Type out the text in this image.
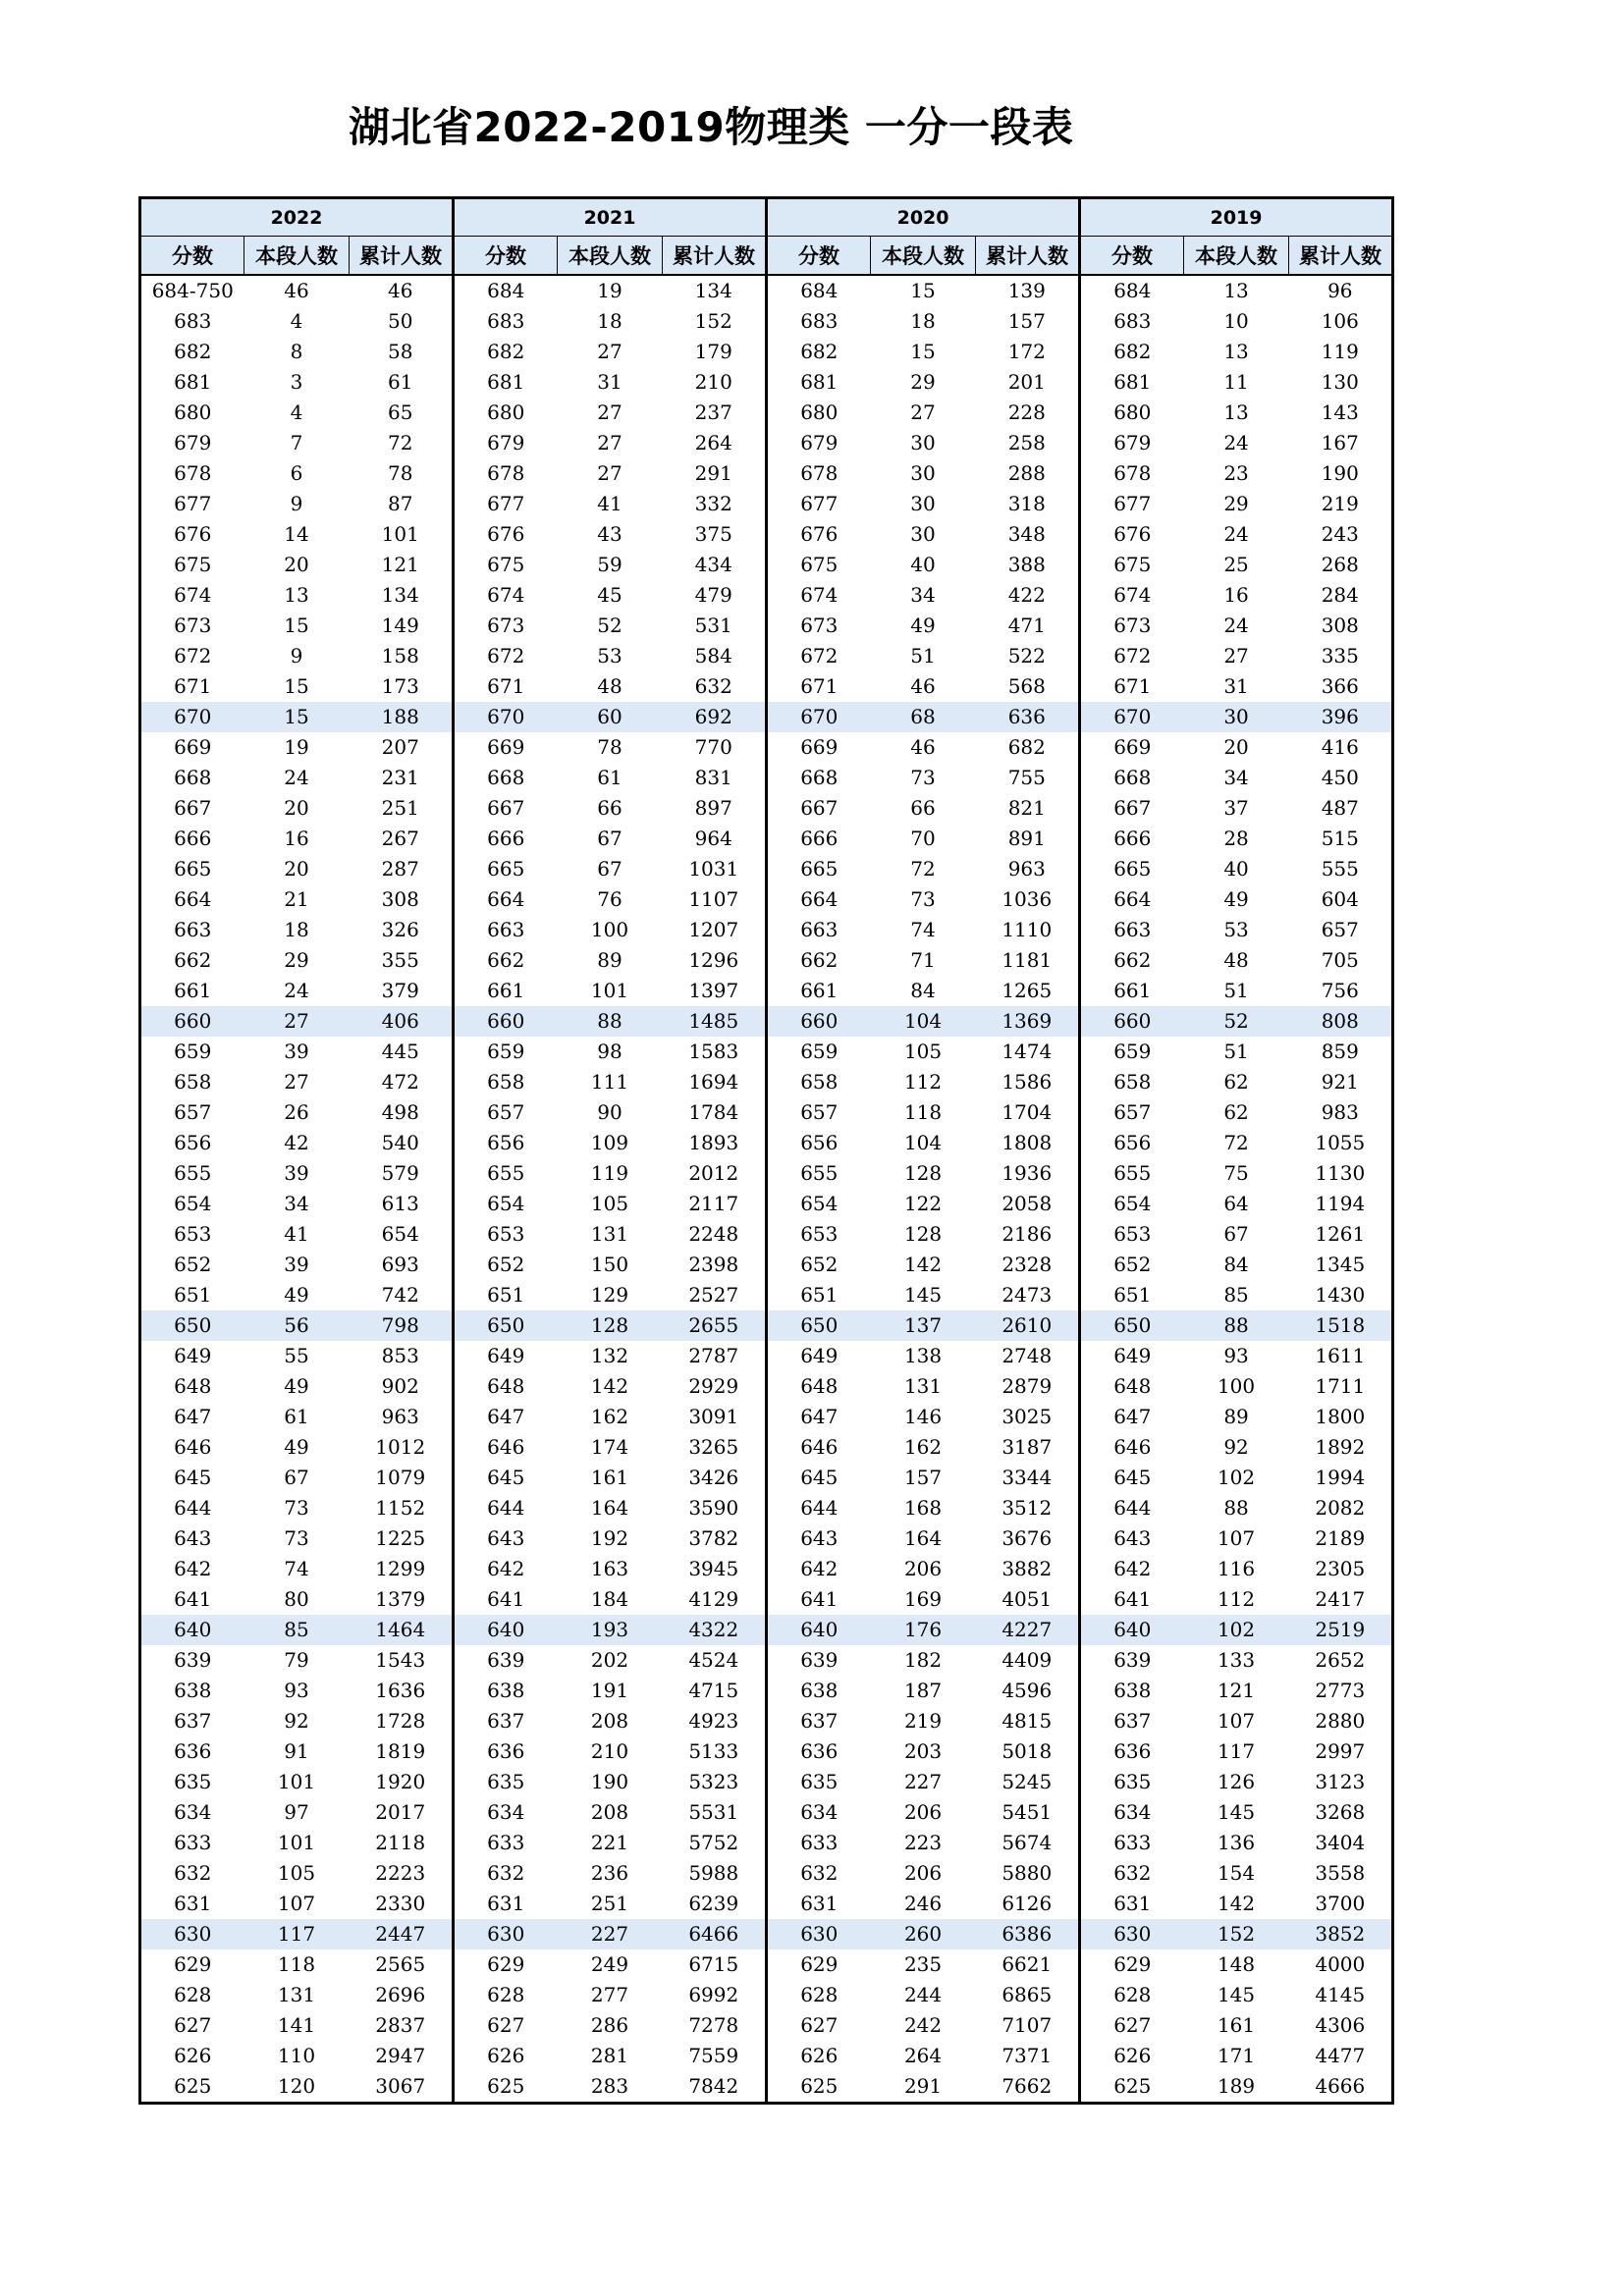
湖北省2022-2019物理类 一分一段表
2022			2021			2020			2019		
分数	本段人数	累计人数	分数	本段人数	累计人数	分数	本段人数	累计人数	分数	本段人数	累计人数
684-750	46	46	684	19	134	684	15	139	684	13	96
683	4	50	683	18	152	683	18	157	683	10	106
682	8	58	682	27	179	682	15	172	682	13	119
681	3	61	681	31	210	681	29	201	681	11	130
680	4	65	680	27	237	680	27	228	680	13	143
679	7	72	679	27	264	679	30	258	679	24	167
678	6	78	678	27	291	678	30	288	678	23	190
677	9	87	677	41	332	677	30	318	677	29	219
676	14	101	676	43	375	676	30	348	676	24	243
675	20	121	675	59	434	675	40	388	675	25	268
674	13	134	674	45	479	674	34	422	674	16	284
673	15	149	673	52	531	673	49	471	673	24	308
672	9	158	672	53	584	672	51	522	672	27	335
671	15	173	671	48	632	671	46	568	671	31	366
670	15	188	670	60	692	670	68	636	670	30	396
669	19	207	669	78	770	669	46	682	669	20	416
668	24	231	668	61	831	668	73	755	668	34	450
667	20	251	667	66	897	667	66	821	667	37	487
666	16	267	666	67	964	666	70	891	666	28	515
665	20	287	665	67	1031	665	72	963	665	40	555
664	21	308	664	76	1107	664	73	1036	664	49	604
663	18	326	663	100	1207	663	74	1110	663	53	657
662	29	355	662	89	1296	662	71	1181	662	48	705
661	24	379	661	101	1397	661	84	1265	661	51	756
660	27	406	660	88	1485	660	104	1369	660	52	808
659	39	445	659	98	1583	659	105	1474	659	51	859
658	27	472	658	111	1694	658	112	1586	658	62	921
657	26	498	657	90	1784	657	118	1704	657	62	983
656	42	540	656	109	1893	656	104	1808	656	72	1055
655	39	579	655	119	2012	655	128	1936	655	75	1130
654	34	613	654	105	2117	654	122	2058	654	64	1194
653	41	654	653	131	2248	653	128	2186	653	67	1261
652	39	693	652	150	2398	652	142	2328	652	84	1345
651	49	742	651	129	2527	651	145	2473	651	85	1430
650	56	798	650	128	2655	650	137	2610	650	88	1518
649	55	853	649	132	2787	649	138	2748	649	93	1611
648	49	902	648	142	2929	648	131	2879	648	100	1711
647	61	963	647	162	3091	647	146	3025	647	89	1800
646	49	1012	646	174	3265	646	162	3187	646	92	1892
645	67	1079	645	161	3426	645	157	3344	645	102	1994
644	73	1152	644	164	3590	644	168	3512	644	88	2082
643	73	1225	643	192	3782	643	164	3676	643	107	2189
642	74	1299	642	163	3945	642	206	3882	642	116	2305
641	80	1379	641	184	4129	641	169	4051	641	112	2417
640	85	1464	640	193	4322	640	176	4227	640	102	2519
639	79	1543	639	202	4524	639	182	4409	639	133	2652
638	93	1636	638	191	4715	638	187	4596	638	121	2773
637	92	1728	637	208	4923	637	219	4815	637	107	2880
636	91	1819	636	210	5133	636	203	5018	636	117	2997
635	101	1920	635	190	5323	635	227	5245	635	126	3123
634	97	2017	634	208	5531	634	206	5451	634	145	3268
633	101	2118	633	221	5752	633	223	5674	633	136	3404
632	105	2223	632	236	5988	632	206	5880	632	154	3558
631	107	2330	631	251	6239	631	246	6126	631	142	3700
630	117	2447	630	227	6466	630	260	6386	630	152	3852
629	118	2565	629	249	6715	629	235	6621	629	148	4000
628	131	2696	628	277	6992	628	244	6865	628	145	4145
627	141	2837	627	286	7278	627	242	7107	627	161	4306
626	110	2947	626	281	7559	626	264	7371	626	171	4477
625	120	3067	625	283	7842	625	291	7662	625	189	4666
